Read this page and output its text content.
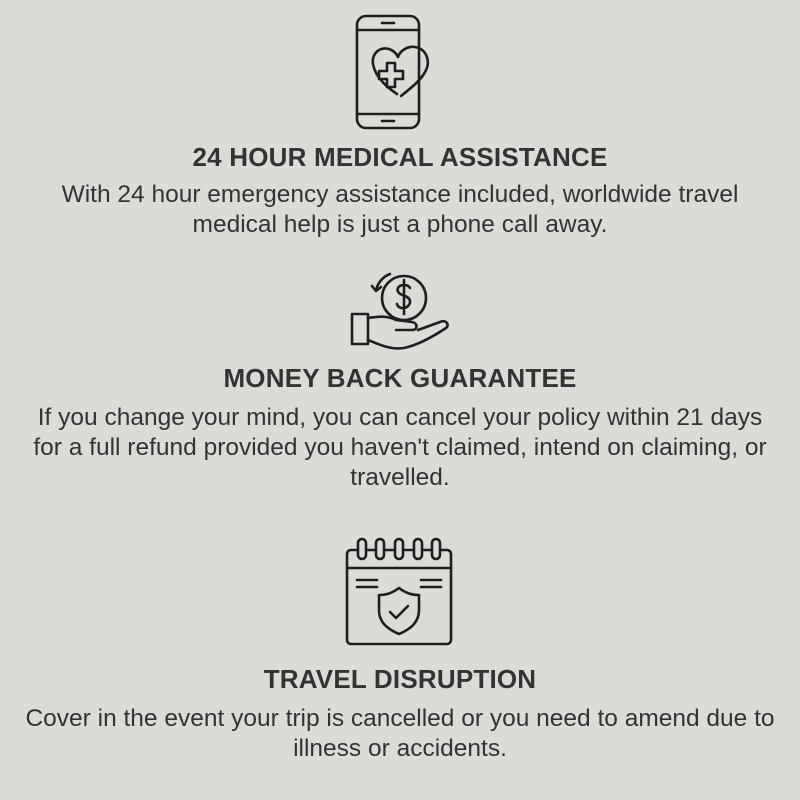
24 HOUR MEDICAL ASSISTANCE
With 24 hour emergency assistance included, worldwide travel medical help is just a phone call away.
MONEY BACK GUARANTEE
If you change your mind, you can cancel your policy within 21 days for a full refund provided you haven't claimed, intend on claiming, or travelled.
TRAVEL DISRUPTION
Cover in the event your trip is cancelled or you need to amend due to illness or accidents.
